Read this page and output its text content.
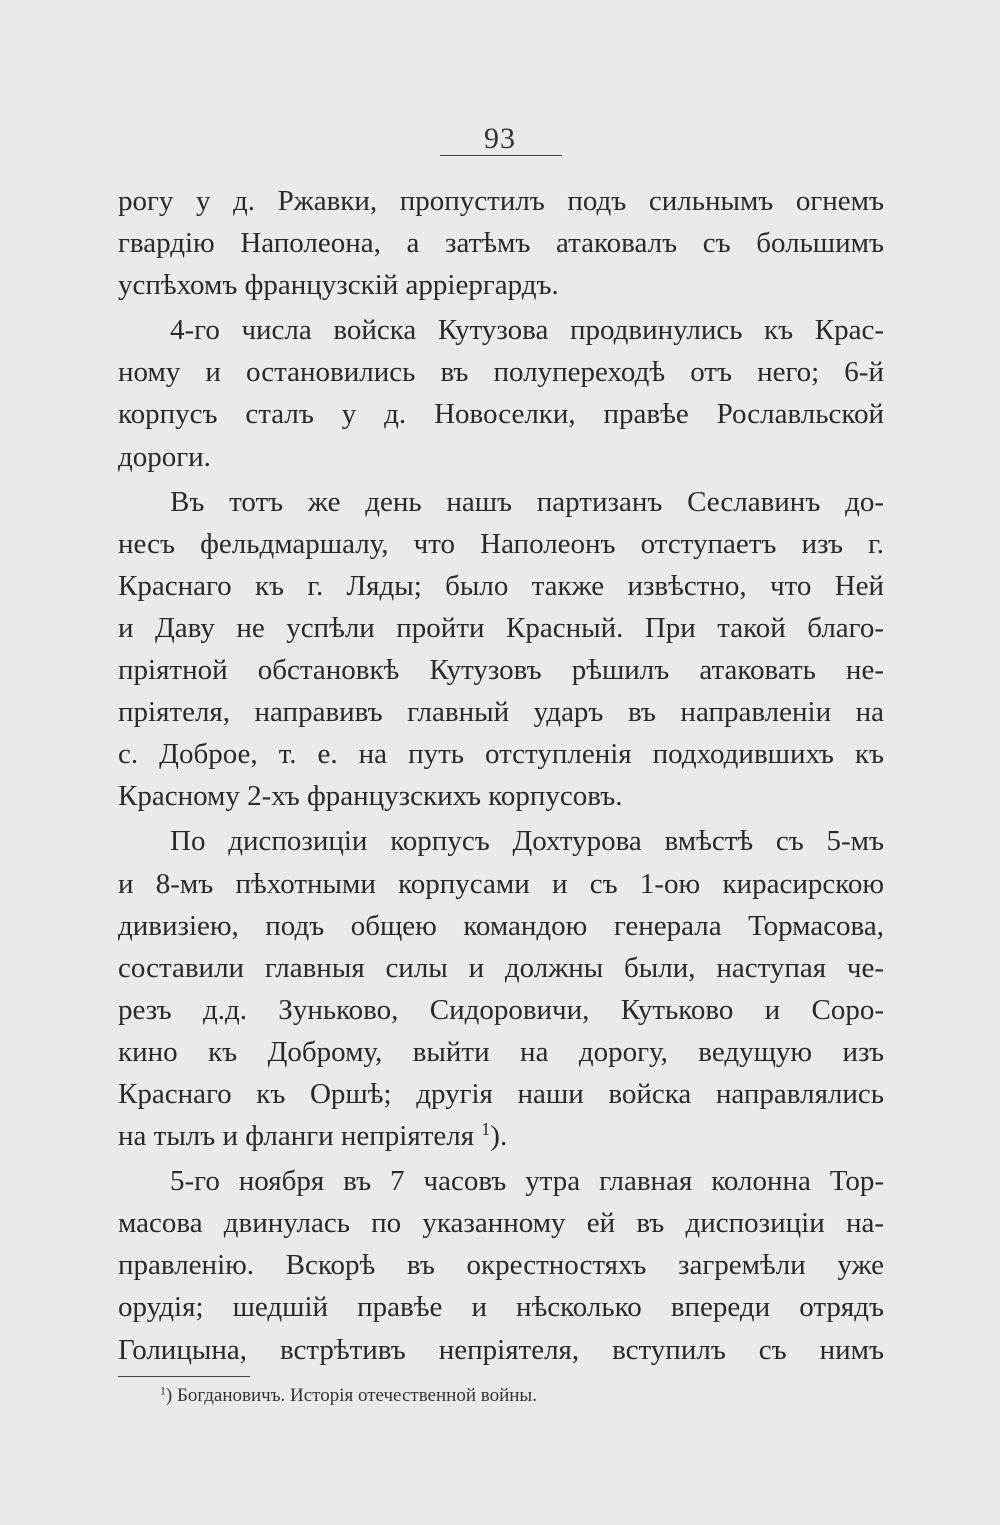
93
рогу у д. Ржавки, пропустилъ подъ сильнымъ огнемъ
гвардію Наполеона, а затѣмъ атаковалъ съ большимъ
успѣхомъ французскій арріергардъ.
4-го числа войска Кутузова продвинулись къ Крас-
ному и остановились въ полупереходѣ отъ него; 6-й
корпусъ сталъ у д. Новоселки, правѣе Рославльской
дороги.
Въ тотъ же день нашъ партизанъ Сеславинъ до-
несъ фельдмаршалу, что Наполеонъ отступаетъ изъ г.
Краснаго къ г. Ляды; было также извѣстно, что Ней
и Даву не успѣли пройти Красный. При такой благо-
пріятной обстановкѣ Кутузовъ рѣшилъ атаковать не-
пріятеля, направивъ главный ударъ въ направленіи на
с. Доброе, т. е. на путь отступленія подходившихъ къ
Красному 2-хъ французскихъ корпусовъ.
По диспозиціи корпусъ Дохтурова вмѣстѣ съ 5-мъ
и 8-мъ пѣхотными корпусами и съ 1-ою кирасирскою
дивизіею, подъ общею командою генерала Тормасова,
составили главныя силы и должны были, наступая че-
резъ д.д. Зуньково, Сидоровичи, Кутьково и Соро-
кино къ Доброму, выйти на дорогу, ведущую изъ
Краснаго къ Оршѣ; другія наши войска направлялись
на тылъ и фланги непріятеля $^1$).
5-го ноября въ 7 часовъ утра главная колонна Тор-
масова двинулась по указанному ей въ диспозиціи на-
правленію. Вскорѣ въ окрестностяхъ загремѣли уже
орудія; шедшій правѣе и нѣсколько впереди отрядъ
Голицына, встрѣтивъ непріятеля, вступилъ съ нимъ
$^1$) Богдановичъ. Исторія отечественной войны.
